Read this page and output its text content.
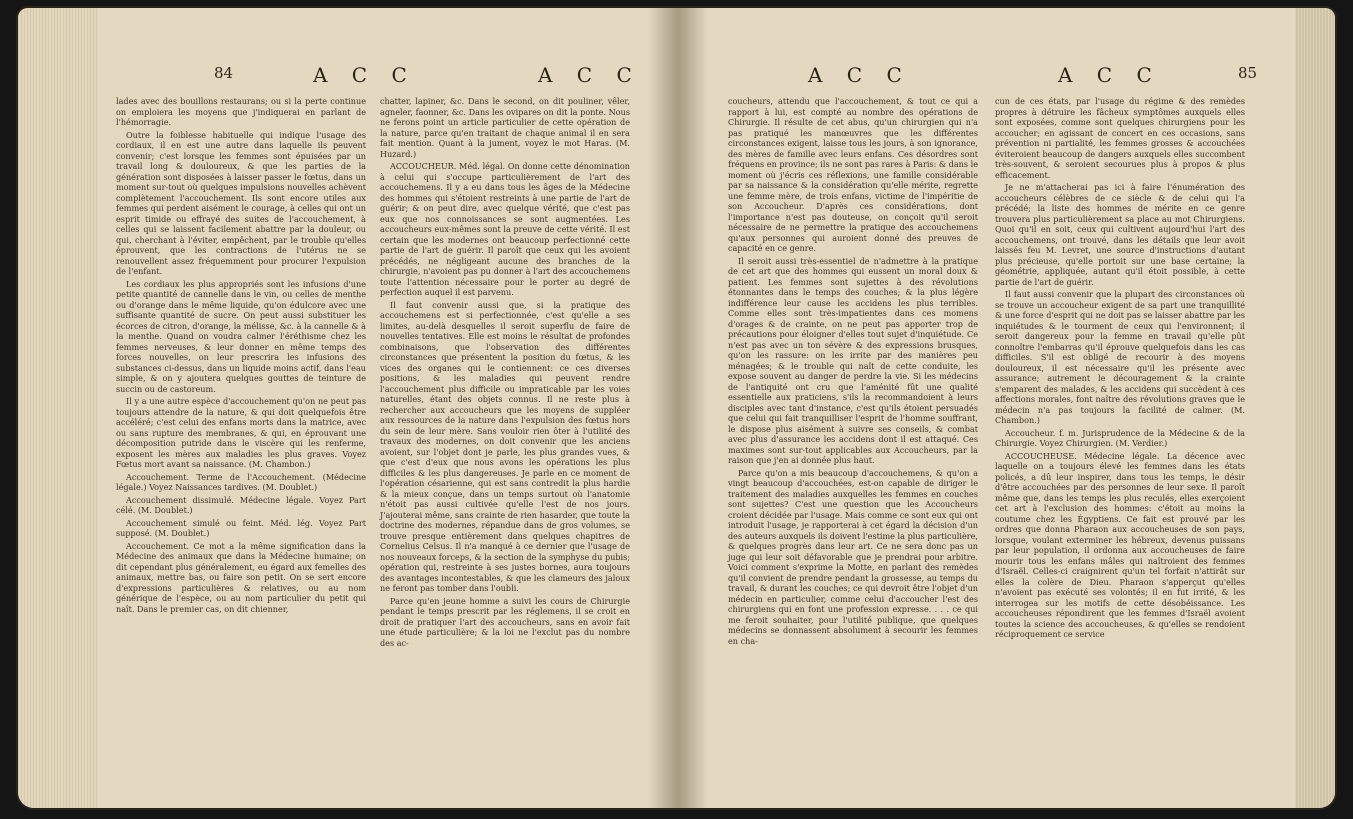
84	A C C	A C C

lades avec des bouillons restaurans; ou si la perte continue on emploiera les moyens que j'indiquerai en parlant de l'hémorragie.

Outre la foiblesse habituelle qui indique l'usage des cordiaux, il en est une autre dans laquelle ils peuvent convenir; c'est lorsque les femmes sont épuisées par un travail long & douloureux, & que les parties de la génération sont disposées à laisser passer le fœtus, dans un moment sur-tout où quelques impulsions nouvelles achèvent complètement l'accouchement. Ils sont encore utiles aux femmes qui perdent aisément le courage, à celles qui ont un esprit timide ou effrayé des suites de l'accouchement, à celles qui se laissent facilement abattre par la douleur, ou qui, cherchant à l'éviter, empêchent, par le trouble qu'elles éprouvent, que les contractions de l'utérus ne se renouvellent assez fréquemment pour procurer l'expulsion de l'enfant.

Les cordiaux les plus appropriés sont les infusions d'une petite quantité de cannelle dans le vin, ou celles de menthe ou d'orange dans le même liquide, qu'on édulcore avec une suffisante quantité de sucre. On peut aussi substituer les écorces de citron, d'orange, la mélisse, &c. à la cannelle & à la menthe. Quand on voudra calmer l'éréthisme chez les femmes nerveuses, & leur donner en même temps des forces nouvelles, on leur prescrira les infusions des substances ci-dessus, dans un liquide moins actif, dans l'eau simple, & on y ajoutera quelques gouttes de teinture de succin ou de castoreum.

Il y a une autre espèce d'accouchement qu'on ne peut pas toujours attendre de la nature, & qui doit quelquefois être accéléré; c'est celui des enfans morts dans la matrice, avec ou sans rupture des membranes, & qui, en éprouvant une décomposition putride dans le viscère qui les renferme, exposent les mères aux maladies les plus graves. Voyez Fœtus mort avant sa naissance. (M. Chambon.)

Accouchement. Terme de l'Accouchement. (Médecine légale.) Voyez Naissances tardives. (M. Doublet.)

Accouchement dissimulé. Médecine légale. Voyez Part célé. (M. Doublet.)

Accouchement simulé ou feint. Méd. lég. Voyez Part supposé. (M. Doublet.)

Accouchement. Ce mot a la même signification dans la Médecine des animaux que dans la Médecine humaine; on dit cependant plus généralement, eu égard aux femelles des animaux, mettre bas, ou faire son petit. On se sert encore d'expressions particulières & relatives, ou au nom générique de l'espèce, ou au nom particulier du petit qui naît. Dans le premier cas, on dit chienner,

chatter, lapiner, &c. Dans le second, on dit pouliner, vêler, agneler, faonner, &c. Dans les ovipares on dit la ponte. Nous ne ferons point un article particulier de cette opération de la nature, parce qu'en traitant de chaque animal il en sera fait mention. Quant à la jument, voyez le mot Haras. (M. Huzard.)

ACCOUCHEUR. Méd. légal. On donne cette dénomination à celui qui s'occupe particulièrement de l'art des accouchemens. Il y a eu dans tous les âges de la Médecine des hommes qui s'étoient restreints à une partie de l'art de guérir; & on peut dire, avec quelque vérité, que c'est pas eux que nos connoissances se sont augmentées. Les accoucheurs eux-mêmes sont la preuve de cette vérité. Il est certain que les modernes ont beaucoup perfectionné cette partie de l'art de guérir. Il paroît que ceux qui les avoient précédés, ne négligeant aucune des branches de la chirurgie, n'avoient pas pu donner à l'art des accouchemens toute l'attention nécessaire pour le porter au degré de perfection auquel il est parvenu.

Il faut convenir aussi que, si la pratique des accouchemens est si perfectionnée, c'est qu'elle a ses limites, au-delà desquelles il seroit superflu de faire de nouvelles tentatives. Elle est moins le résultat de profondes combinaisons, que l'observation des différentes circonstances que présentent la position du fœtus, & les vices des organes qui le contiennent: ce ces diverses positions, & les maladies qui peuvent rendre l'accouchement plus difficile ou impraticable par les voies naturelles, étant des objets connus. Il ne reste plus à rechercher aux accoucheurs que les moyens de suppléer aux ressources de la nature dans l'expulsion des fœtus hors du sein de leur mère. Sans vouloir rien ôter à l'utilité des travaux des modernes, on doit convenir que les anciens avoient, sur l'objet dont je parle, les plus grandes vues, & que c'est d'eux que nous avons les opérations les plus difficiles & les plus dangereuses. Je parle en ce moment de l'opération césarienne, qui est sans contredit la plus hardie & la mieux conçue, dans un temps surtout où l'anatomie n'étoit pas aussi cultivée qu'elle l'est de nos jours. J'ajouterai même, sans crainte de rien hasarder, que toute la doctrine des modernes, répandue dans de gros volumes, se trouve presque entièrement dans quelques chapitres de Cornelius Celsus. Il n'a manqué à ce dernier que l'usage de nos nouveaux forceps, & la section de la symphyse du pubis; opération qui, restreinte à ses justes bornes, aura toujours des avantages incontestables, & que les clameurs des jaloux ne feront pas tomber dans l'oubli.

Parce qu'en jeune homme a suivi les cours de Chirurgie pendant le temps prescrit par les réglemens, il se croit en droit de pratiquer l'art des accoucheurs, sans en avoir fait une étude particulière; & la loi ne l'exclut pas du nombre des ac-

A C C	A C C	85

coucheurs, attendu que l'accouchement, & tout ce qui a rapport à lui, est compté au nombre des opérations de Chirurgie. Il résulte de cet abus, qu'un chirurgien qui n'a pas pratiqué les manœuvres que les différentes circonstances exigent, laisse tous les jours, à son ignorance, des mères de famille avec leurs enfans. Ces désordres sont fréquens en province; ils ne sont pas rares à Paris: & dans le moment où j'écris ces réflexions, une famille considérable par sa naissance & la considération qu'elle mérite, regrette une femme mère, de trois enfans, victime de l'impéritie de son Accoucheur. D'après ces considérations, dont l'importance n'est pas douteuse, on conçoit qu'il seroit nécessaire de ne permettre la pratique des accouchemens qu'aux personnes qui auroient donné des preuves de capacité en ce genre.

Il seroit aussi très-essentiel de n'admettre à la pratique de cet art que des hommes qui eussent un moral doux & patient. Les femmes sont sujettes à des révolutions étonnantes dans le temps des couches; & la plus légère indifférence leur cause les accidens les plus terribles. Comme elles sont très-impatientes dans ces momens d'orages & de crainte, on ne peut pas apporter trop de précautions pour éloigner d'elles tout sujet d'inquiétude. Ce n'est pas avec un ton sévère & des expressions brusques, qu'on les rassure: on les irrite par des manières peu ménagées; & le trouble qui naît de cette conduite, les expose souvent au danger de perdre la vie. Si les médecins de l'antiquité ont cru que l'aménité fût une qualité essentielle aux praticiens, s'ils la recommandoient à leurs disciples avec tant d'instance, c'est qu'ils étoient persuadés que celui qui fait tranquilliser l'esprit de l'homme souffrant, le dispose plus aisément à suivre ses conseils, & combat avec plus d'assurance les accidens dont il est attaqué. Ces maximes sont sur-tout applicables aux Accoucheurs, par la raison que j'en ai donnée plus haut.

Parce qu'on a mis beaucoup d'accouchemens, & qu'on a vingt beaucoup d'accouchées, est-on capable de diriger le traitement des maladies auxquelles les femmes en couches sont sujettes? C'est une question que les Accoucheurs croient décidée par l'usage. Mais comme ce sont eux qui ont introduit l'usage, je rapporterai à cet égard la décision d'un des auteurs auxquels ils doivent l'estime la plus particulière, & quelques progrès dans leur art. Ce ne sera donc pas un juge qui leur soit défavorable que je prendrai pour arbitre. Voici comment s'exprime la Motte, en parlant des remèdes qu'il convient de prendre pendant la grossesse, au temps du travail, & durant les couches; ce qui devroit être l'objet d'un médecin en particulier, comme celui d'accoucher l'est des chirurgiens qui en font une profession expresse. . . . ce qui me feroit souhaiter, pour l'utilité publique, que quelques médecins se donnassent absolument à secourir les femmes en cha-

cun de ces états, par l'usage du régime & des remèdes propres à détruire les fâcheux symptômes auxquels elles sont exposées, comme sont quelques chirurgiens pour les accoucher; en agissant de concert en ces occasions, sans prévention ni partialité, les femmes grosses & accouchées éviteroient beaucoup de dangers auxquels elles succombent très-souvent, & seroient secourues plus à propos & plus efficacement.

Je ne m'attacherai pas ici à faire l'énumération des accoucheurs célèbres de ce siècle & de celui qui l'a précédé; la liste des hommes de mérite en ce genre trouvera plus particulièrement sa place au mot Chirurgiens. Quoi qu'il en soit, ceux qui cultivent aujourd'hui l'art des accouchemens, ont trouvé, dans les détails que leur avoit laissés feu M. Levret, une source d'instructions d'autant plus précieuse, qu'elle portoit sur une base certaine; la géométrie, appliquée, autant qu'il étoit possible, à cette partie de l'art de guérir.

Il faut aussi convenir que la plupart des circonstances où se trouve un accoucheur exigent de sa part une tranquillité & une force d'esprit qui ne doit pas se laisser abattre par les inquiétudes & le tourment de ceux qui l'environnent; il seroit dangereux pour la femme en travail qu'elle pût connoître l'embarras qu'il éprouve quelquefois dans les cas difficiles. S'il est obligé de recourir à des moyens douloureux, il est nécessaire qu'il les présente avec assurance; autrement le découragement & la crainte s'emparent des malades, & les accidens qui succèdent à ces affections morales, font naître des révolutions graves que le médecin n'a pas toujours la facilité de calmer. (M. Chambon.)

Accoucheur. f. m. Jurisprudence de la Médecine & de la Chirurgie. Voyez Chirurgien. (M. Verdier.)

ACCOUCHEUSE. Médecine légale. La décence avec laquelle on a toujours élevé les femmes dans les états policés, a dû leur inspirer, dans tous les temps, le désir d'être accouchées par des personnes de leur sexe. Il paroît même que, dans les temps les plus reculés, elles exerçoient cet art à l'exclusion des hommes: c'étoit au moins la coutume chez les Égyptiens. Ce fait est prouvé par les ordres que donna Pharaon aux accoucheuses de son pays, lorsque, voulant exterminer les hébreux, devenus puissans par leur population, il ordonna aux accoucheuses de faire mourir tous les enfans mâles qui naîtroient des femmes d'Israël. Celles-ci craignirent qu'un tel forfait n'attirât sur elles la colère de Dieu. Pharaon s'apperçut qu'elles n'avoient pas exécuté ses volontés; il en fut irrité, & les interrogea sur les motifs de cette désobéissance. Les accoucheuses répondirent que les femmes d'Israël avoient toutes la science des accoucheuses, & qu'elles se rendoient réciproquement ce service
